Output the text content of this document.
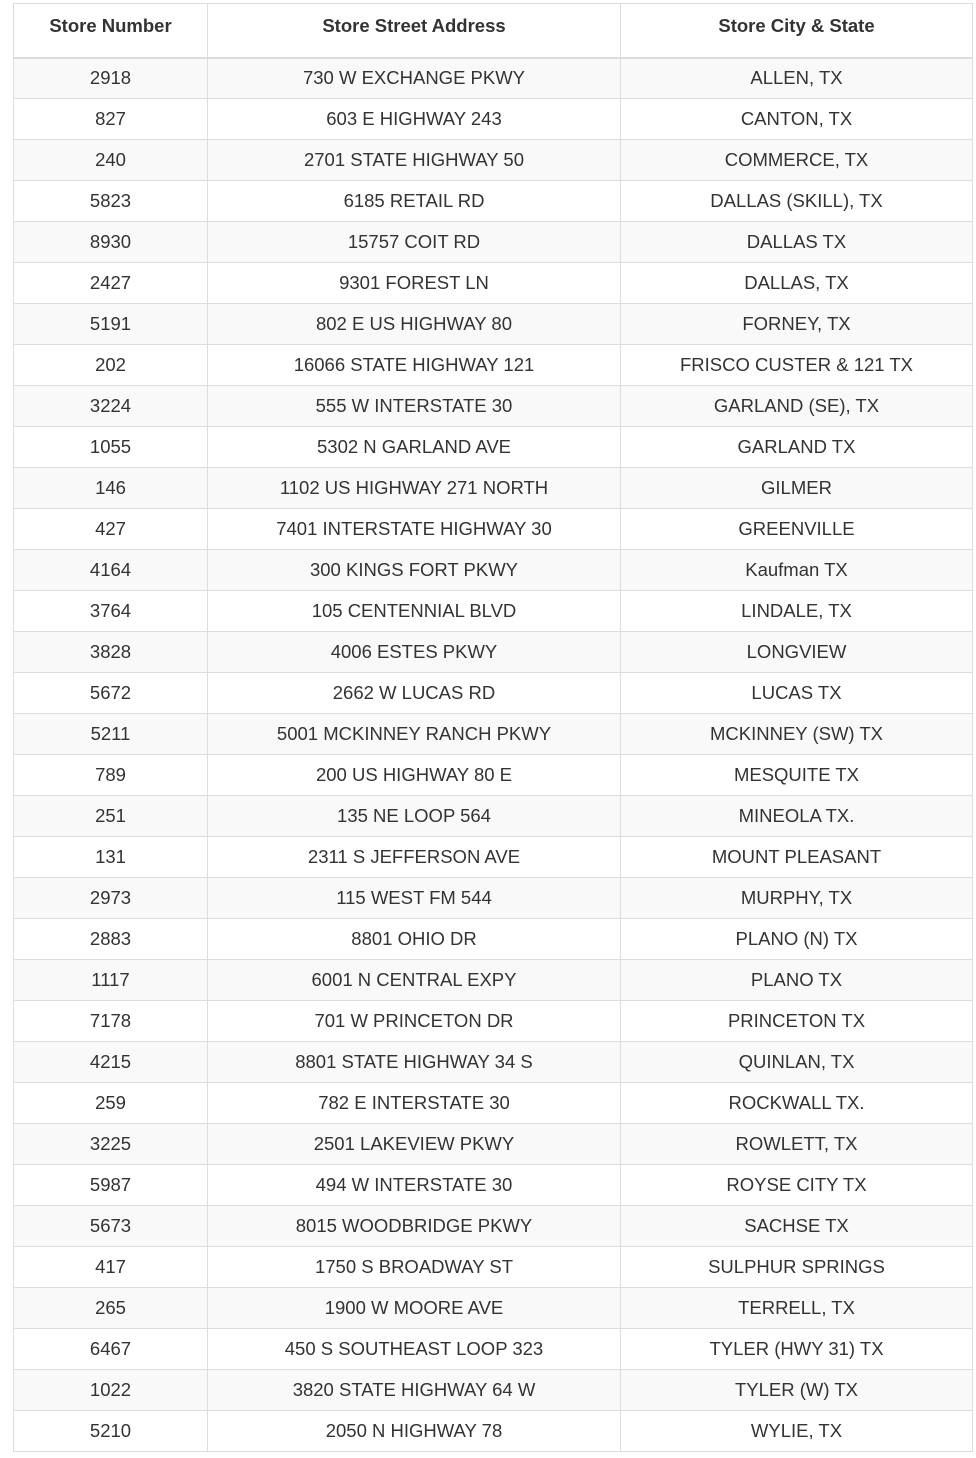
Store Number	Store Street Address	Store City & State
2918	730 W EXCHANGE PKWY	ALLEN, TX
827	603 E HIGHWAY 243	CANTON, TX
240	2701 STATE HIGHWAY 50	COMMERCE, TX
5823	6185 RETAIL RD	DALLAS (SKILL), TX
8930	15757 COIT RD	DALLAS TX
2427	9301 FOREST LN	DALLAS, TX
5191	802 E US HIGHWAY 80	FORNEY, TX
202	16066 STATE HIGHWAY 121	FRISCO CUSTER & 121 TX
3224	555 W INTERSTATE 30	GARLAND (SE), TX
1055	5302 N GARLAND AVE	GARLAND TX
146	1102 US HIGHWAY 271 NORTH	GILMER
427	7401 INTERSTATE HIGHWAY 30	GREENVILLE
4164	300 KINGS FORT PKWY	Kaufman TX
3764	105 CENTENNIAL BLVD	LINDALE, TX
3828	4006 ESTES PKWY	LONGVIEW
5672	2662 W LUCAS RD	LUCAS TX
5211	5001 MCKINNEY RANCH PKWY	MCKINNEY (SW) TX
789	200 US HIGHWAY 80 E	MESQUITE TX
251	135 NE LOOP 564	MINEOLA TX.
131	2311 S JEFFERSON AVE	MOUNT PLEASANT
2973	115 WEST FM 544	MURPHY, TX
2883	8801 OHIO DR	PLANO (N) TX
1117	6001 N CENTRAL EXPY	PLANO TX
7178	701 W PRINCETON DR	PRINCETON TX
4215	8801 STATE HIGHWAY 34 S	QUINLAN, TX
259	782 E INTERSTATE 30	ROCKWALL TX.
3225	2501 LAKEVIEW PKWY	ROWLETT, TX
5987	494 W INTERSTATE 30	ROYSE CITY TX
5673	8015 WOODBRIDGE PKWY	SACHSE TX
417	1750 S BROADWAY ST	SULPHUR SPRINGS
265	1900 W MOORE AVE	TERRELL, TX
6467	450 S SOUTHEAST LOOP 323	TYLER (HWY 31) TX
1022	3820 STATE HIGHWAY 64 W	TYLER (W) TX
5210	2050 N HIGHWAY 78	WYLIE, TX
